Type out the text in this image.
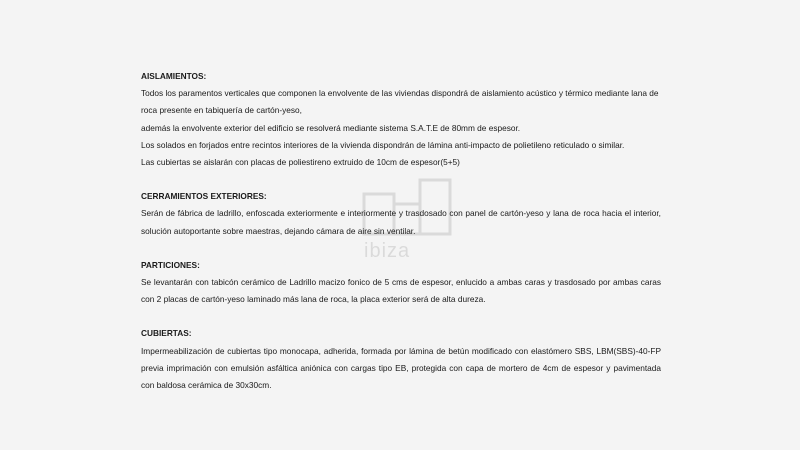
ibiza

AISLAMIENTOS:

Todos los paramentos verticales que componen la envolvente de las viviendas dispondrá de aislamiento acústico y térmico mediante lana de roca presente en tabiquería de cartón-yeso,

además la envolvente exterior del edificio se resolverá mediante sistema S.A.T.E de 80mm de espesor.

Los solados en forjados entre recintos interiores de la vivienda dispondrán de lámina anti-impacto de polietileno reticulado o similar.

Las cubiertas se aislarán con placas de poliestireno extruido de 10cm de espesor(5+5)

CERRAMIENTOS EXTERIORES:

Serán de fábrica de ladrillo, enfoscada exteriormente e interiormente y trasdosado con panel de cartón-yeso y lana de roca hacia el interior, solución autoportante sobre maestras, dejando cámara de aire sin ventilar.

PARTICIONES:

Se levantarán con tabicón cerámico de Ladrillo macizo fonico de 5 cms de espesor, enlucido a ambas caras y trasdosado por ambas caras con 2 placas de cartón-yeso laminado más lana de roca, la placa exterior será de alta dureza.

CUBIERTAS:

Impermeabilización de cubiertas tipo monocapa, adherida, formada por lámina de betún modificado con elastómero SBS, LBM(SBS)-40-FP previa imprimación con emulsión asfáltica aniónica con cargas tipo EB, protegida con capa de mortero de 4cm de espesor y pavimentada con baldosa cerámica de 30x30cm.
